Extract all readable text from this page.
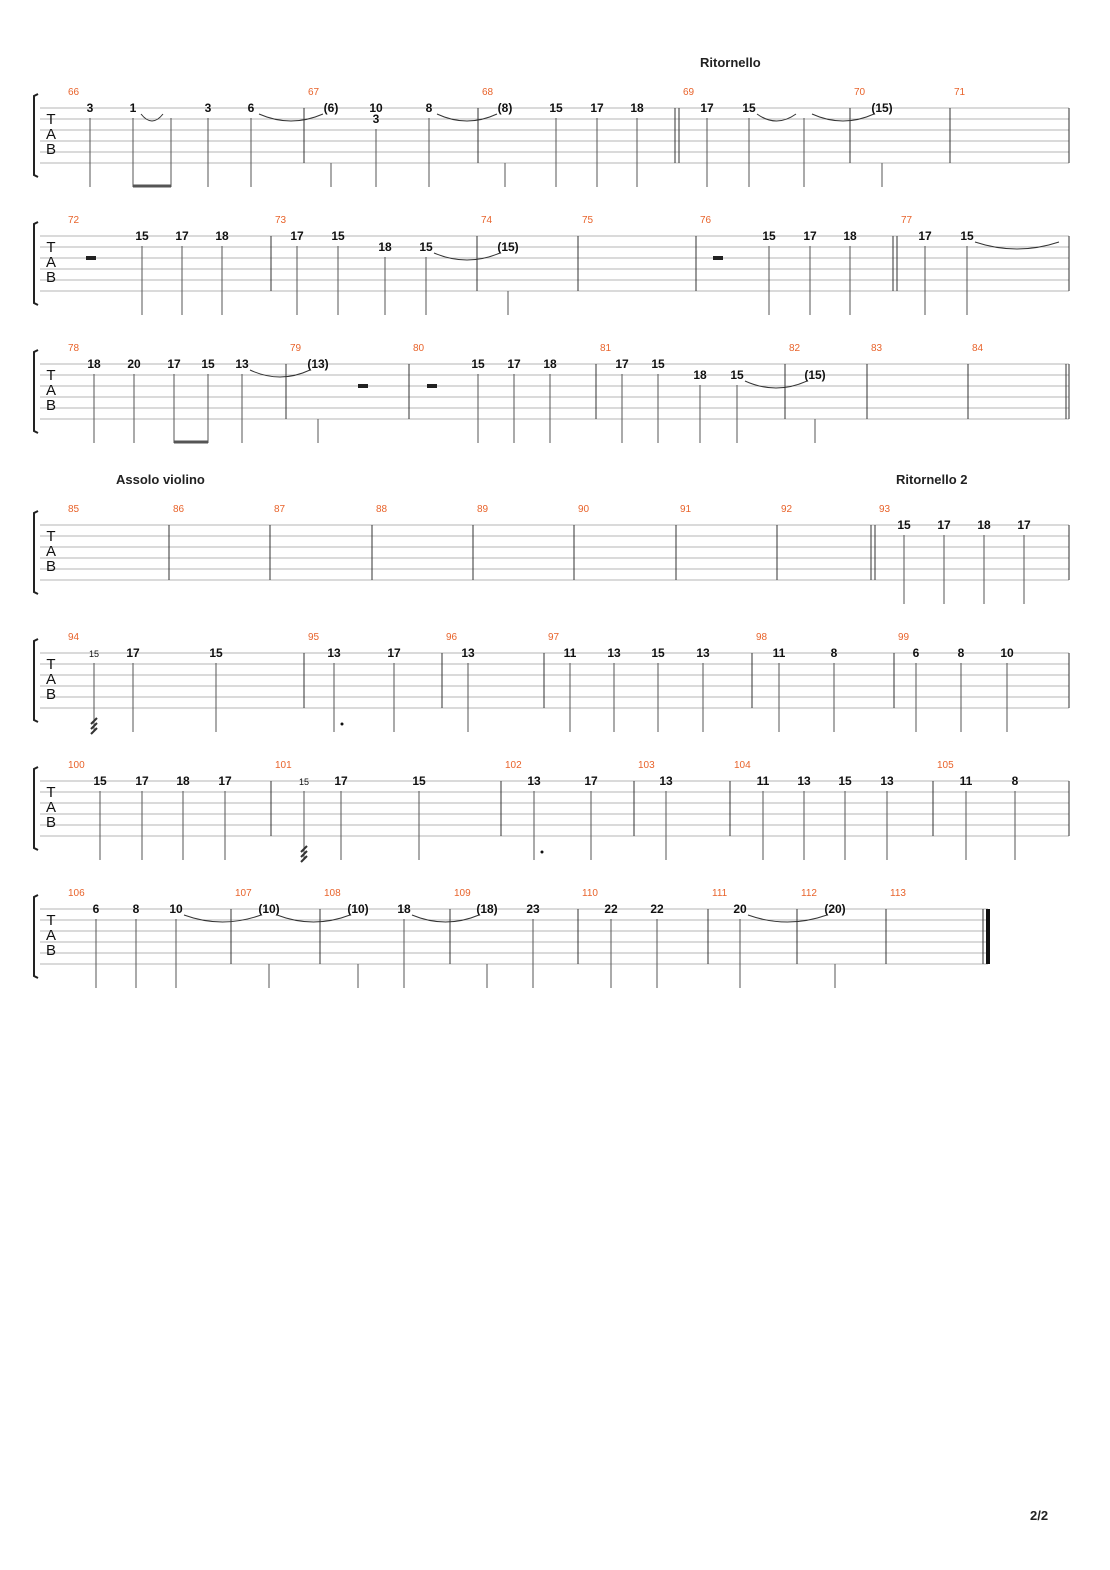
T
A
B
66
3	1	3	6
67
(6)	10
3
8
68
(8)	15 17 18
69
Ritornello
17 15
70
(15)
71
T
A
B
72
15 17 18
73
17 15
18 15
74
(15)
75	76
15 17 18
77
17 15
T
A
B
78
18 20 17 15 13
79
(13)
80
15 17 18
81
17 15
18 15
82
(15)
83	84
T
A
B
85
Assolo violino
86	87	88	89	90	91	92	93
Ritornello 2
15 17 18 17
T
A
B
94
15 17	15
95
13	17
96
13
97
11	13	15	13
98
11	8
99
6	8	10
T
A
B
100
15 17 18 17
101
15 17	15
102
13	17
103
13
104
11 13 15 13
105
11	8
T
A
B
106
6	8 10
107
(10)
108
(10) 18
109
(18) 23
110
22	22
111
20
112
(20)
113
2/2
